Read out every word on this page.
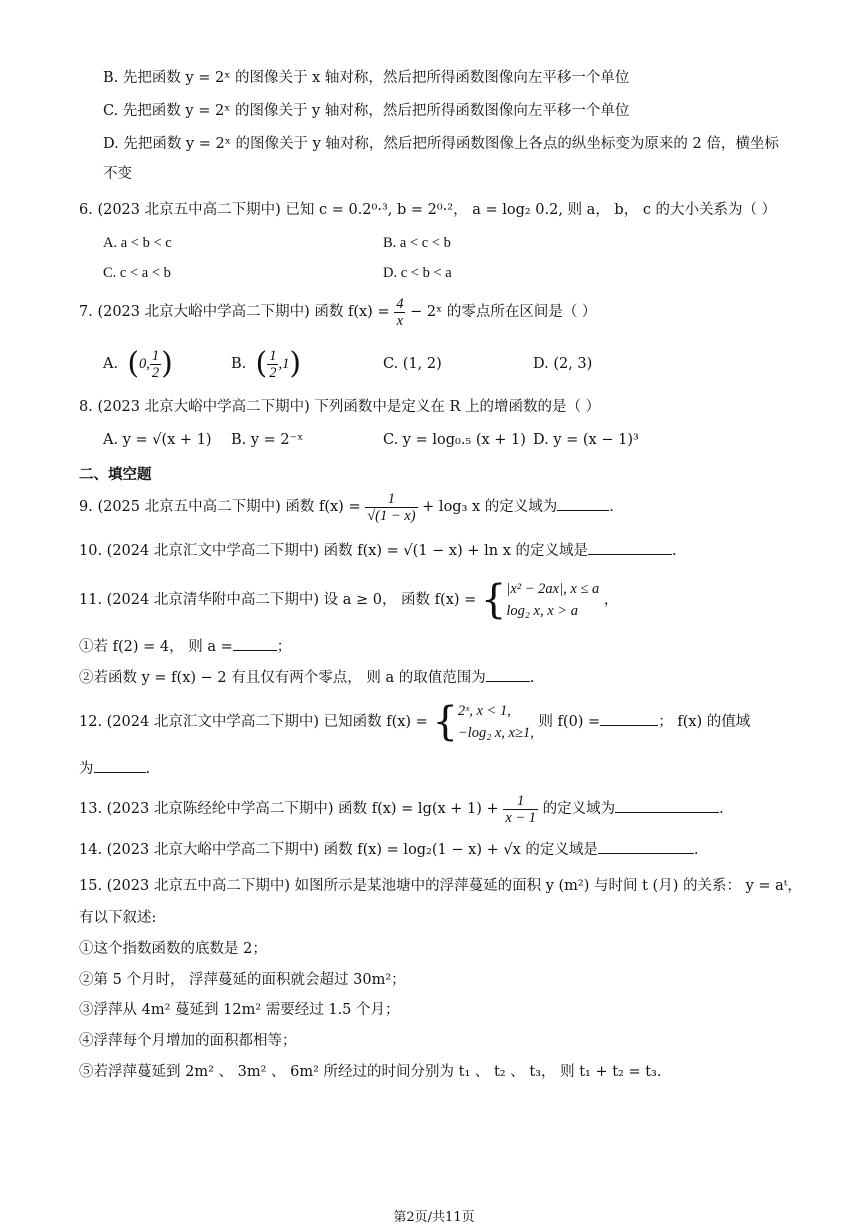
B. 先把函数 y = 2ˣ 的图像关于 x 轴对称，然后把所得函数图像向左平移一个单位
C. 先把函数 y = 2ˣ 的图像关于 y 轴对称，然后把所得函数图像向左平移一个单位
D. 先把函数 y = 2ˣ 的图像关于 y 轴对称，然后把所得函数图像上各点的纵坐标变为原来的 2 倍，横坐标
不变
6. (2023 北京五中高二下期中) 已知 c = 0.2⁰·³, b = 2⁰·²， a = log₂ 0.2, 则 a， b， c 的大小关系为（ ）
A. a < b < c	B. a < c < b
C. c < a < b	D. c < b < a
7. (2023 北京大峪中学高二下期中) 函数 $f(x) = \frac{4}{x}$ − 2ˣ 的零点所在区间是（ ）
A. (0, $\frac{1}{2}$ )	B. ( $\frac{1}{2} ,1$)	C. (1, 2)	D. (2, 3)
8. (2023 北京大峪中学高二下期中) 下列函数中是定义在 R 上的增函数的是（ ）
A. y = √(x + 1) B. y = 2⁻ˣ	C. y = log₀.₅ (x + 1) D. y = (x − 1)³
二、填空题
9. (2025 北京五中高二下期中) 函数 $f(x) = \frac{1}{√(1 - x)} + \log_3$ x 的定义域为	.
10. (2024 北京汇文中学高二下期中) 函数 f(x) = √(1 − x) + ln x 的定义域是	.
11. (2024 北京清华附中高二下期中) 设 a ≥ 0， 函数 f(x) = { |x² − 2ax|, x ≤ a
log₂ x, x > a
，
①若 f(2) = 4， 则 a =	；
②若函数 y = f(x) − 2 有且仅有两个零点， 则 a 的取值范围为	.
12. (2024 北京汇文中学高二下期中) 已知函数 f(x) = { 2ˣ, x < 1,
−log₂ x, x≥1,
则 f(0) =	； f(x) 的值域
为	.
13. (2023 北京陈经纶中学高二下期中) 函数 $f(x) = \lg(x + 1) + \frac{1}{x - 1}$ 的定义域为	.
14. (2023 北京大峪中学高二下期中) 函数 f(x) = log₂(1 − x) + √x 的定义域是	.
15. (2023 北京五中高二下期中) 如图所示是某池塘中的浮萍蔓延的面积 y (m²) 与时间 t (月) 的关系： y = aᵗ，
有以下叙述:
①这个指数函数的底数是 2；
②第 5 个月时， 浮萍蔓延的面积就会超过 30m²；
③浮萍从 4m² 蔓延到 12m² 需要经过 1.5 个月；
④浮萍每个月增加的面积都相等；
⑤若浮萍蔓延到 2m² 、 3m² 、 6m² 所经过的时间分别为 t₁ 、 t₂ 、 t₃， 则 t₁ + t₂ = t₃.
第2页/共11页
